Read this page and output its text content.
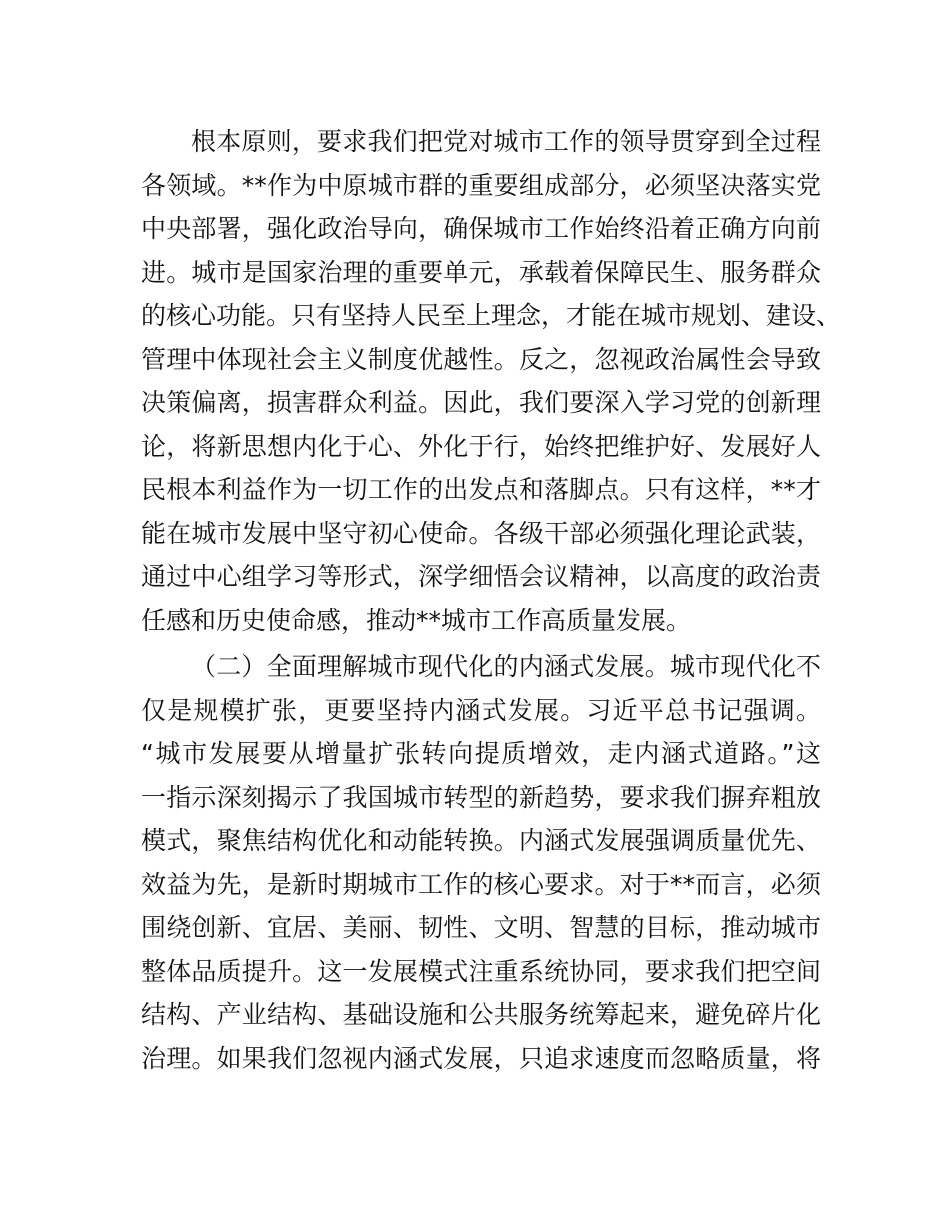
根本原则，要求我们把党对城市工作的领导贯穿到全过程
各领域。**作为中原城市群的重要组成部分，必须坚决落实党
中央部署，强化政治导向，确保城市工作始终沿着正确方向前
进。城市是国家治理的重要单元，承载着保障民生、服务群众
的核心功能。只有坚持人民至上理念，才能在城市规划、建设、
管理中体现社会主义制度优越性。反之，忽视政治属性会导致
决策偏离，损害群众利益。因此，我们要深入学习党的创新理
论，将新思想内化于心、外化于行，始终把维护好、发展好人
民根本利益作为一切工作的出发点和落脚点。只有这样，**才
能在城市发展中坚守初心使命。各级干部必须强化理论武装，
通过中心组学习等形式，深学细悟会议精神，以高度的政治责
任感和历史使命感，推动**城市工作高质量发展。
（二）全面理解城市现代化的内涵式发展。城市现代化不
仅是规模扩张，更要坚持内涵式发展。习近平总书记强调。
“城市发展要从增量扩张转向提质增效，走内涵式道路。”这
一指示深刻揭示了我国城市转型的新趋势，要求我们摒弃粗放
模式，聚焦结构优化和动能转换。内涵式发展强调质量优先、
效益为先，是新时期城市工作的核心要求。对于**而言，必须
围绕创新、宜居、美丽、韧性、文明、智慧的目标，推动城市
整体品质提升。这一发展模式注重系统协同，要求我们把空间
结构、产业结构、基础设施和公共服务统筹起来，避免碎片化
治理。如果我们忽视内涵式发展，只追求速度而忽略质量，将
